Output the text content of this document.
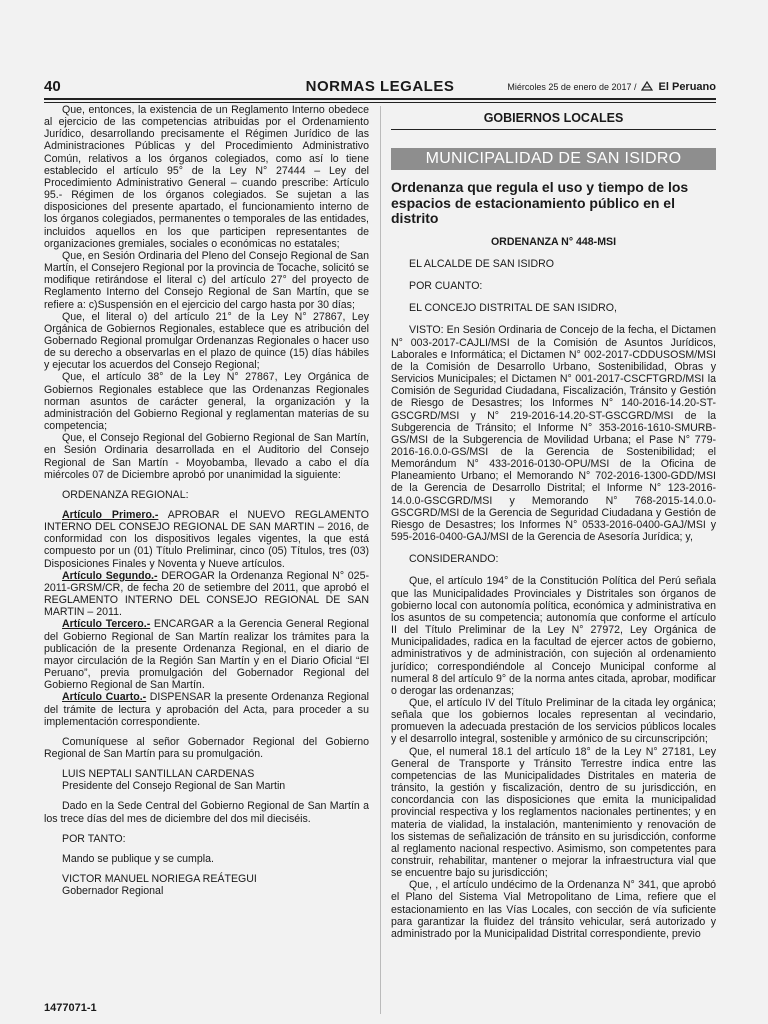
40	NORMAS LEGALES	Miércoles 25 de enero de 2017 / El Peruano

Que, entonces, la existencia de un Reglamento Interno obedece al ejercicio de las competencias atribuidas por el Ordenamiento Jurídico, desarrollando precisamente el Régimen Jurídico de las Administraciones Públicas y del Procedimiento Administrativo Común, relativos a los órganos colegiados, como así lo tiene establecido el artículo 95° de la Ley N° 27444 – Ley del Procedimiento Administrativo General – cuando prescribe: Artículo 95.- Régimen de los órganos colegiados. Se sujetan a las disposiciones del presente apartado, el funcionamiento interno de los órganos colegiados, permanentes o temporales de las entidades, incluidos aquellos en los que participen representantes de organizaciones gremiales, sociales o económicas no estatales;

Que, en Sesión Ordinaria del Pleno del Consejo Regional de San Martín, el Consejero Regional por la provincia de Tocache, solicitó se modifique retirándose el literal c) del artículo 27° del proyecto de Reglamento Interno del Consejo Regional de San Martín, que se refiere a: c)Suspensión en el ejercicio del cargo hasta por 30 días;

Que, el literal o) del artículo 21° de la Ley N° 27867, Ley Orgánica de Gobiernos Regionales, establece que es atribución del Gobernado Regional promulgar Ordenanzas Regionales o hacer uso de su derecho a observarlas en el plazo de quince (15) días hábiles y ejecutar los acuerdos del Consejo Regional;

Que, el artículo 38° de la Ley N° 27867, Ley Orgánica de Gobiernos Regionales establece que las Ordenanzas Regionales norman asuntos de carácter general, la organización y la administración del Gobierno Regional y reglamentan materias de su competencia;

Que, el Consejo Regional del Gobierno Regional de San Martín, en Sesión Ordinaria desarrollada en el Auditorio del Consejo Regional de San Martín - Moyobamba, llevado a cabo el día miércoles 07 de Diciembre aprobó por unanimidad la siguiente:

ORDENANZA REGIONAL:

Artículo Primero.- APROBAR el NUEVO REGLAMENTO INTERNO DEL CONSEJO REGIONAL DE SAN MARTIN – 2016, de conformidad con los dispositivos legales vigentes, la que está compuesto por un (01) Título Preliminar, cinco (05) Títulos, tres (03) Disposiciones Finales y Noventa y Nueve artículos.

Artículo Segundo.- DEROGAR la Ordenanza Regional N° 025-2011-GRSM/CR, de fecha 20 de setiembre del 2011, que aprobó el REGLAMENTO INTERNO DEL CONSEJO REGIONAL DE SAN MARTIN – 2011.

Artículo Tercero.- ENCARGAR a la Gerencia General Regional del Gobierno Regional de San Martín realizar los trámites para la publicación de la presente Ordenanza Regional, en el diario de mayor circulación de la Región San Martín y en el Diario Oficial “El Peruano”, previa promulgación del Gobernador Regional del Gobierno Regional de San Martín.

Artículo Cuarto.- DISPENSAR la presente Ordenanza Regional del trámite de lectura y aprobación del Acta, para proceder a su implementación correspondiente.

Comuníquese al señor Gobernador Regional del Gobierno Regional de San Martín para su promulgación.

LUIS NEPTALI SANTILLAN CARDENAS

Presidente del Consejo Regional de San Martin

Dado en la Sede Central del Gobierno Regional de San Martín a los trece días del mes de diciembre del dos mil dieciséis.

POR TANTO:

Mando se publique y se cumpla.

VICTOR MANUEL NORIEGA REÁTEGUI

Gobernador Regional

1477071-1
GOBIERNOS LOCALES
MUNICIPALIDAD DE SAN ISIDRO
Ordenanza que regula el uso y tiempo de los espacios de estacionamiento público en el distrito
ORDENANZA N° 448-MSI

EL ALCALDE DE SAN ISIDRO

POR CUANTO:

EL CONCEJO DISTRITAL DE SAN ISIDRO,

VISTO: En Sesión Ordinaria de Concejo de la fecha, el Dictamen N° 003-2017-CAJLI/MSI de la Comisión de Asuntos Jurídicos, Laborales e Informática; el Dictamen N° 002-2017-CDDUSOSM/MSI de la Comisión de Desarrollo Urbano, Sostenibilidad, Obras y Servicios Municipales; el Dictamen N° 001-2017-CSCFTGRD/MSI la Comisión de Seguridad Ciudadana, Fiscalización, Tránsito y Gestión de Riesgo de Desastres; los Informes N° 140-2016-14.20-ST-GSCGRD/MSI y N° 219-2016-14.20-ST-GSCGRD/MSI de la Subgerencia de Tránsito; el Informe N° 353-2016-1610-SMURB-GS/MSI de la Subgerencia de Movilidad Urbana; el Pase N° 779-2016-16.0.0-GS/MSI de la Gerencia de Sostenibilidad; el Memorándum N° 433-2016-0130-OPU/MSI de la Oficina de Planeamiento Urbano; el Memorando N° 702-2016-1300-GDD/MSI de la Gerencia de Desarrollo Distrital; el Informe N° 123-2016-14.0.0-GSCGRD/MSI y Memorando N° 768-2015-14.0.0-GSCGRD/MSI de la Gerencia de Seguridad Ciudadana y Gestión de Riesgo de Desastres; los Informes N° 0533-2016-0400-GAJ/MSI y 595-2016-0400-GAJ/MSI de la Gerencia de Asesoría Jurídica; y,

CONSIDERANDO:

Que, el artículo 194° de la Constitución Política del Perú señala que las Municipalidades Provinciales y Distritales son órganos de gobierno local con autonomía política, económica y administrativa en los asuntos de su competencia; autonomía que conforme el artículo II del Título Preliminar de la Ley N° 27972, Ley Orgánica de Municipalidades, radica en la facultad de ejercer actos de gobierno, administrativos y de administración, con sujeción al ordenamiento jurídico; correspondiéndole al Concejo Municipal conforme al numeral 8 del artículo 9° de la norma antes citada, aprobar, modificar o derogar las ordenanzas;

Que, el artículo IV del Título Preliminar de la citada ley orgánica; señala que los gobiernos locales representan al vecindario, promueven la adecuada prestación de los servicios públicos locales y el desarrollo integral, sostenible y armónico de su circunscripción;

Que, el numeral 18.1 del artículo 18° de la Ley N° 27181, Ley General de Transporte y Tránsito Terrestre indica entre las competencias de las Municipalidades Distritales en materia de tránsito, la gestión y fiscalización, dentro de su jurisdicción, en concordancia con las disposiciones que emita la municipalidad provincial respectiva y los reglamentos nacionales pertinentes; y en materia de vialidad, la instalación, mantenimiento y renovación de los sistemas de señalización de tránsito en su jurisdicción, conforme al reglamento nacional respectivo. Asimismo, son competentes para construir, rehabilitar, mantener o mejorar la infraestructura vial que se encuentre bajo su jurisdicción;

Que, , el artículo undécimo de la Ordenanza N° 341, que aprobó el Plano del Sistema Vial Metropolitano de Lima, refiere que el estacionamiento en las Vías Locales, con sección de vía suficiente para garantizar la fluidez del tránsito vehicular, será autorizado y administrado por la Municipalidad Distrital correspondiente, previo
